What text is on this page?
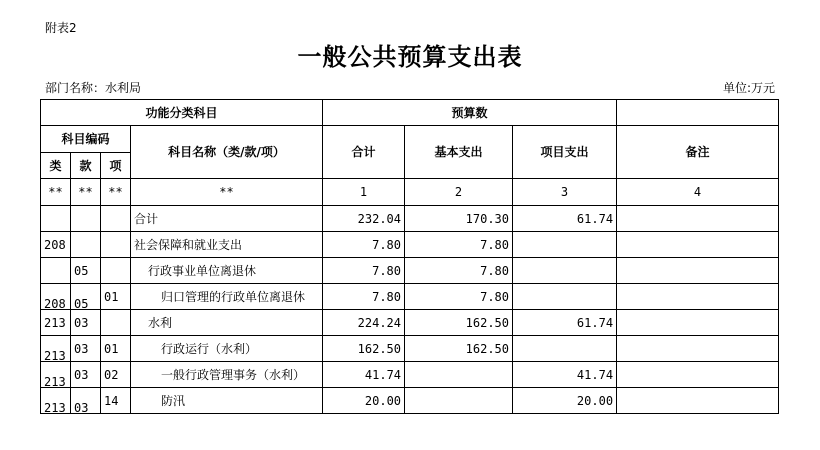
附表2
一般公共预算支出表
部门名称：水利局	单位:万元
功能分类科目				预算数			
科目编码			科目名称（类/款/项）	合计	基本支出	项目支出	备注
类	款	项					
**	**	**	**	1	2	3	4
			合计	232.04	170.30	61.74	
208			社会保障和就业支出	7.80	7.80		
	05		行政事业单位离退休	7.80	7.80		
208	05	01	归口管理的行政单位离退休	7.80	7.80		
213	03		水利	224.24	162.50	61.74	
213	03	01	行政运行（水利）	162.50	162.50		
213	03	02	一般行政管理事务（水利）	41.74		41.74	
213	03	14	防汛	20.00		20.00	
